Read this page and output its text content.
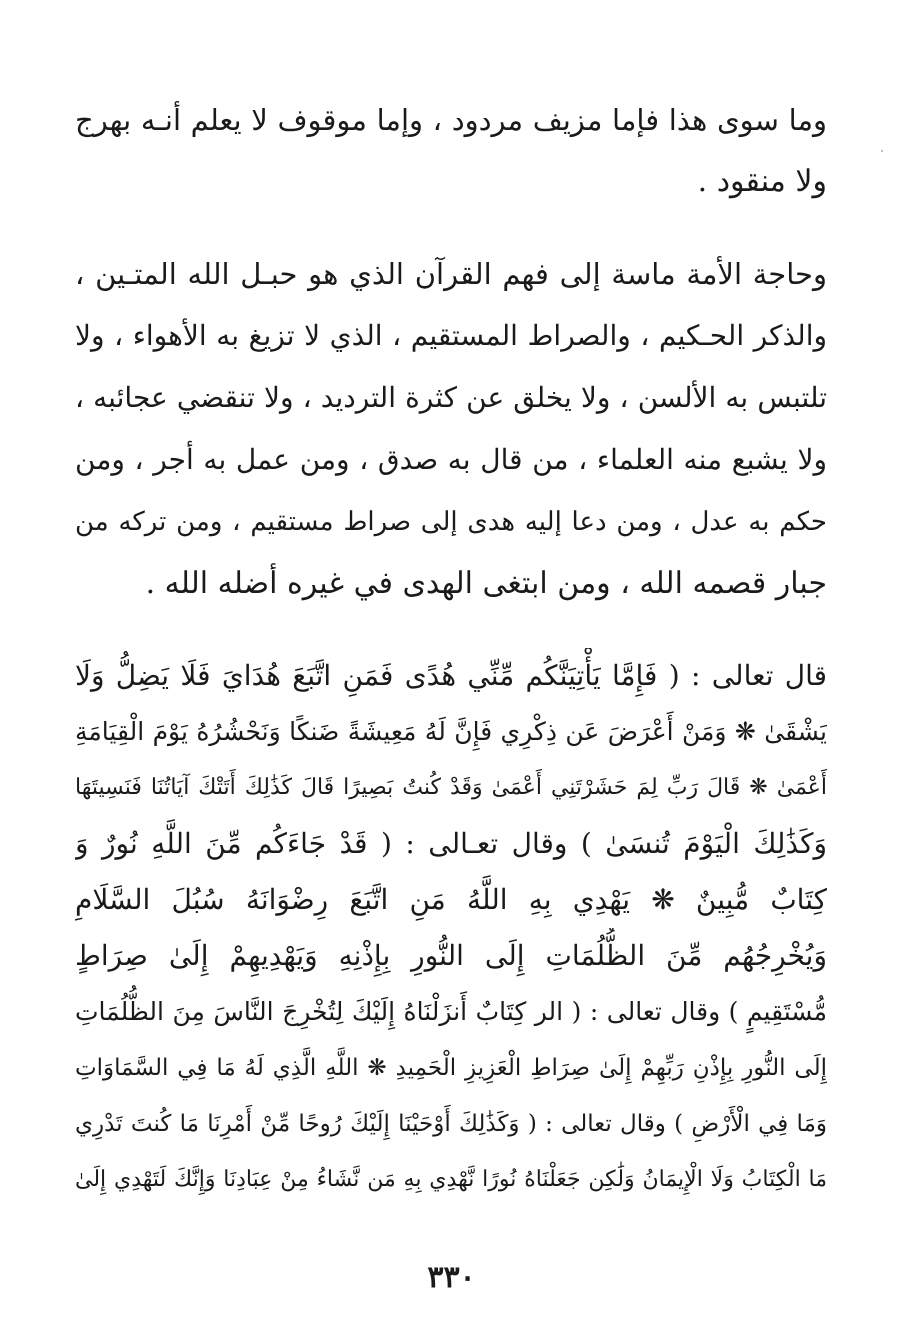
وما سوى هذا فإما مزيف مردود ، وإما موقوف لا يعلم أنـه بهرج
ولا منقود .
وحاجة الأمة ماسة إلى فهم القرآن الذي هو حبـل الله المتـين ،
والذكر الحـكيم ، والصراط المستقيم ، الذي لا تزيغ به الأهواء ، ولا
تلتبس به الألسن ، ولا يخلق عن كثرة الترديد ، ولا تنقضي عجائبه ،
ولا يشبع منه العلماء ، من قال به صدق ، ومن عمل به أجر ، ومن
حكم به عدل ، ومن دعا إليه هدى إلى صراط مستقيم ، ومن تركه من
جبار قصمه الله ، ومن ابتغى الهدى في غيره أضله الله .
قال تعالى : ( فَإِمَّا يَأْتِيَنَّكُم مِّنِّي هُدًى فَمَنِ اتَّبَعَ هُدَايَ فَلَا يَضِلُّ وَلَا
يَشْقَىٰ ❋ وَمَنْ أَعْرَضَ عَن ذِكْرِي فَإِنَّ لَهُ مَعِيشَةً ضَنكًا وَنَحْشُرُهُ يَوْمَ الْقِيَامَةِ
أَعْمَىٰ ❋ قَالَ رَبِّ لِمَ حَشَرْتَنِي أَعْمَىٰ وَقَدْ كُنتُ بَصِيرًا قَالَ كَذَٰلِكَ أَتَتْكَ آيَاتُنَا فَنَسِيتَهَا
وَكَذَٰلِكَ الْيَوْمَ تُنسَىٰ ) وقال تعـالى : ( قَدْ جَاءَكُم مِّنَ اللَّهِ نُورٌ وَ
كِتَابٌ مُّبِينٌ ❋ يَهْدِي بِهِ اللَّهُ مَنِ اتَّبَعَ رِضْوَانَهُ سُبُلَ السَّلَامِ
وَيُخْرِجُهُم مِّنَ الظُّلُمَاتِ إِلَى النُّورِ بِإِذْنِهِ وَيَهْدِيهِمْ إِلَىٰ صِرَاطٍ
مُّسْتَقِيمٍ ) وقال تعالى : ( الر كِتَابٌ أَنزَلْنَاهُ إِلَيْكَ لِتُخْرِجَ النَّاسَ مِنَ الظُّلُمَاتِ
إِلَى النُّورِ بِإِذْنِ رَبِّهِمْ إِلَىٰ صِرَاطِ الْعَزِيزِ الْحَمِيدِ ❋ اللَّهِ الَّذِي لَهُ مَا فِي السَّمَاوَاتِ
وَمَا فِي الْأَرْضِ ) وقال تعالى : ( وَكَذَٰلِكَ أَوْحَيْنَا إِلَيْكَ رُوحًا مِّنْ أَمْرِنَا مَا كُنتَ تَدْرِي
مَا الْكِتَابُ وَلَا الْإِيمَانُ وَلَٰكِن جَعَلْنَاهُ نُورًا نَّهْدِي بِهِ مَن نَّشَاءُ مِنْ عِبَادِنَا وَإِنَّكَ لَتَهْدِي إِلَىٰ
٣٣٠
